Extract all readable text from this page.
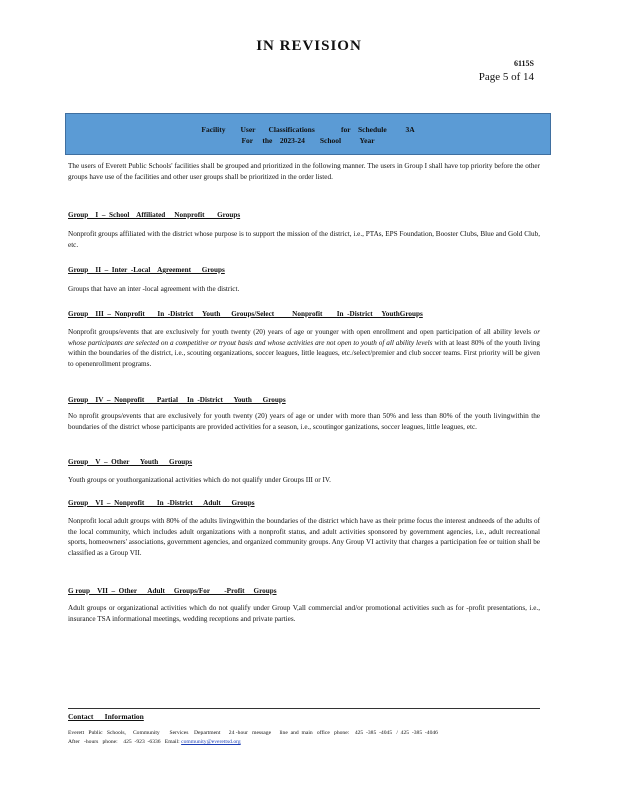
IN REVISION
6115S
Page 5 of 14
Facility        User       Classifications              for    Schedule          3A
For     the    2023-24        School          Year
The users of Everett Public Schools' facilities shall be grouped and prioritized in the following manner. The users in Group I shall have top priority before the other groups have use of the facilities and other user groups shall be prioritized in the order listed.
Group    I  –  School    Affiliated     Nonprofit       Groups
Nonprofit groups affiliated with the district whose purpose is to support the mission of the district, i.e., PTAs, EPS Foundation, Booster Clubs, Blue and Gold Club, etc.
Group    II  –  Inter  -Local    Agreement      Groups
Groups that have an inter -local agreement with the district.
Group    III  –  Nonprofit       In  -District     Youth      Groups/Select          Nonprofit        In  -District     YouthGroups
Nonprofit groups/events that are exclusively for youth twenty (20) years of age or younger with open enrollment and open participation of all ability levels or whose participants are selected on a competitive or tryout basis and whose activities are not open to youth of all ability levels with at least 80% of the youth living within the boundaries of the district, i.e., scouting organizations, soccer leagues, little leagues, etc./select/premier and club soccer teams. First priority will be given to openenrollment programs.
Group    IV  –  Nonprofit       Partial     In  -District      Youth      Groups
No nprofit groups/events that are exclusively for youth twenty (20) years of age or under with more than 50% and less than 80% of the youth livingwithin the boundaries of the district whose participants are provided activities for a season, i.e., scoutingor ganizations, soccer leagues, little leagues, etc.
Group    V  –  Other      Youth      Groups
Youth groups or youthorganizational activities which do not qualify under Groups III or IV.
Group    VI  –  Nonprofit       In  -District      Adult      Groups
Nonprofit local adult groups with 80% of the adults livingwithin the boundaries of the district which have as their prime focus the interest andneeds of the adults of the local community, which includes adult organizations with a nonprofit status, and adult activities sponsored by government agencies, i.e., adult recreational sports, homeowners' associations, government agencies, and organized community groups. Any Group VI activity that charges a participation fee or tuition shall be classified as a Group VII.
G roup    VII  –  Other      Adult     Groups/For        -Profit     Groups
Adult groups or organizational activities which do not qualify under Group V,all commercial and/or promotional activities such as for -profit presentations, i.e., insurance TSA informational meetings, wedding receptions and private parties.
Contact      Information
Everett   Public   Schools,     Community       Services    Department      24 -hour   message      line  and  main   office   phone:    425  -385  -4045   /  425  -385  -4046
After   -hours   phone:    425  -923  -6336   Email: community@everettsd.org
